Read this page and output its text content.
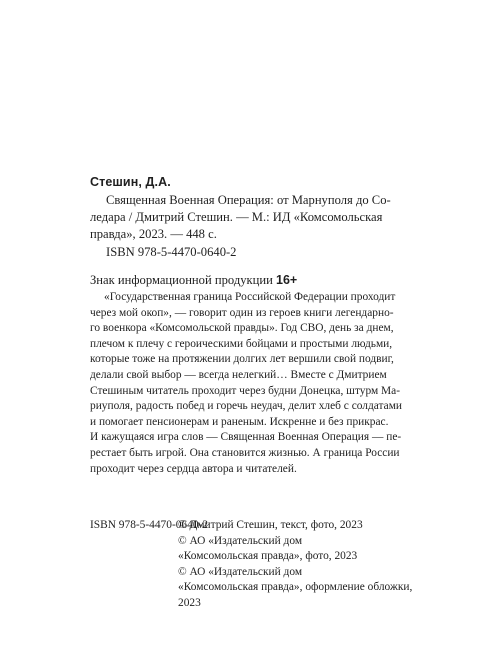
Стешин, Д.А.
Священная Военная Операция: от Марнуполя до Со-
ледара / Дмитрий Стешин. — М.: ИД «Комсомольская
правда», 2023. — 448 с.
ISBN 978-5-4470-0640-2
Знак информационной продукции 16+
«Государственная граница Российской Федерации проходит
через мой окоп», — говорит один из героев книги легендарно-
го военкора «Комсомольской правды». Год СВО, день за днем,
плечом к плечу с героическими бойцами и простыми людьми,
которые тоже на протяжении долгих лет вершили свой подвиг,
делали свой выбор — всегда нелегкий… Вместе с Дмитрием
Стешиным читатель проходит через будни Донецка, штурм Ма-
риуполя, радость побед и горечь неудач, делит хлеб с солдатами
и помогает пенсионерам и раненым. Искренне и без прикрас.
И кажущаяся игра слов — Священная Военная Операция — пе-
рестает быть игрой. Она становится жизнью. А граница России
проходит через сердца автора и читателей.
ISBN 978-5-4470-0640-2
© Дмитрий Стешин, текст, фото, 2023
© АО «Издательский дом
«Комсомольская правда», фото, 2023
© АО «Издательский дом
«Комсомольская правда», оформление обложки,
2023
